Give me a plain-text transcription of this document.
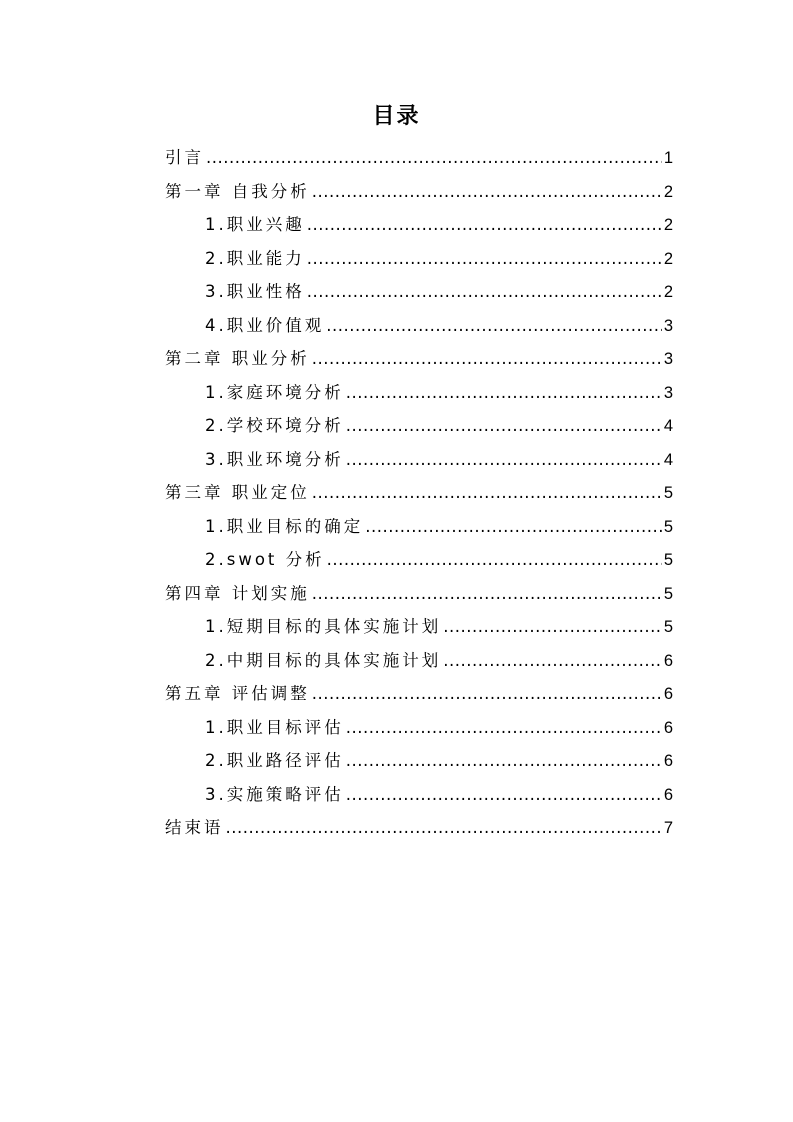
目录
引言 .....	1
第一章 自我分析 .....	2
1.职业兴趣 .....	2
2.职业能力 .....	2
3.职业性格 .....	2
4.职业价值观 .....	3
第二章 职业分析 .....	3
1.家庭环境分析 .....	3
2.学校环境分析 .....	4
3.职业环境分析 .....	4
第三章 职业定位 .....	5
1.职业目标的确定 .....	5
2.swot 分析 .....	5
第四章 计划实施 .....	5
1.短期目标的具体实施计划 .....	5
2.中期目标的具体实施计划 .....	6
第五章 评估调整 .....	6
1.职业目标评估 .....	6
2.职业路径评估 .....	6
3.实施策略评估 .....	6
结束语 .....	7
